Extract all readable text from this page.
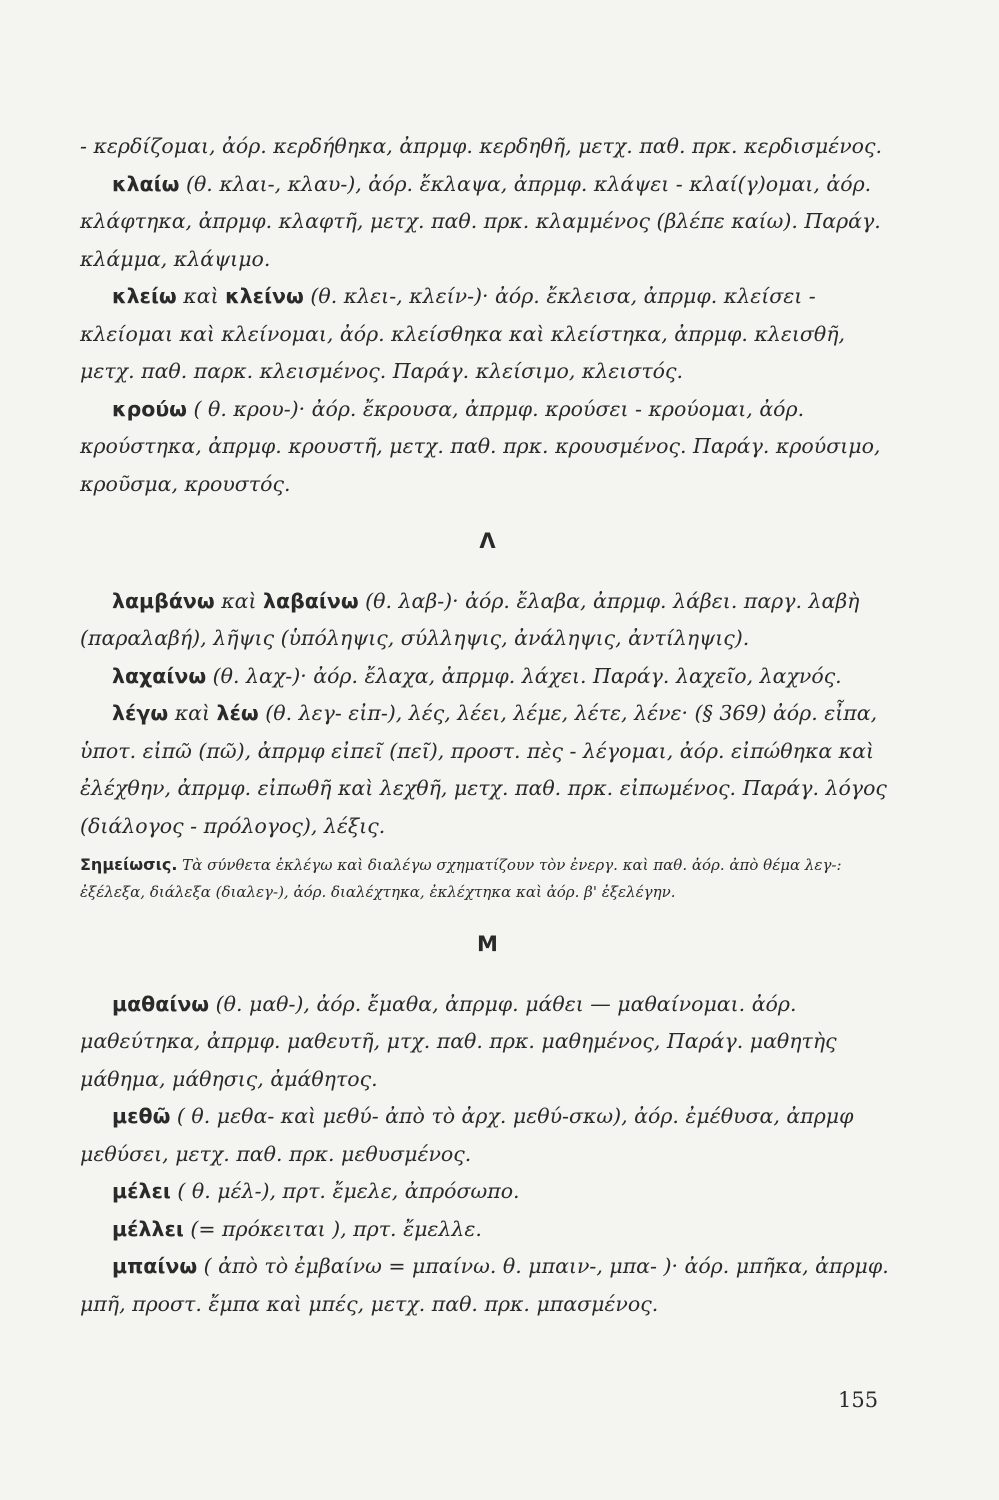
- κερδίζομαι, ἀόρ. κερδήθηκα, ἀπρμφ. κερδηθῆ, μετχ. παθ. πρκ. κερδισμένος.

κλαίω (θ. κλαι-, κλαυ-), ἀόρ. ἔκλαψα, ἀπρμφ. κλάψει - κλαί(γ)ομαι, ἀόρ. κλάφτηκα, ἀπρμφ. κλαφτῆ, μετχ. παθ. πρκ. κλαμμένος (βλέπε καίω). Παράγ. κλάμμα, κλάψιμο.

κλείω καὶ κλείνω (θ. κλει-, κλείν-)· ἀόρ. ἔκλεισα, ἀπρμφ. κλείσει - κλείομαι καὶ κλείνομαι, ἀόρ. κλείσθηκα καὶ κλείστηκα, ἀπρμφ. κλεισθῆ, μετχ. παθ. παρκ. κλεισμένος. Παράγ. κλείσιμο, κλειστός.

κρούω ( θ. κρου-)· ἀόρ. ἔκρουσα, ἀπρμφ. κρούσει - κρούομαι, ἀόρ. κρούστηκα, ἀπρμφ. κρουστῆ, μετχ. παθ. πρκ. κρουσμένος. Παράγ. κρούσιμο, κροῦσμα, κρουστός.

Λ

λαμβάνω καὶ λαβαίνω (θ. λαβ-)· ἀόρ. ἔλαβα, ἀπρμφ. λάβει. παργ. λαβὴ (παραλαβή), λῆψις (ὑπόληψις, σύλληψις, ἀνάληψις, ἀντίληψις).

λαχαίνω (θ. λαχ-)· ἀόρ. ἔλαχα, ἀπρμφ. λάχει. Παράγ. λαχεῖο, λαχνός.

λέγω καὶ λέω (θ. λεγ- εἰπ-), λές, λέει, λέμε, λέτε, λένε· (§ 369) ἀόρ. εἶπα, ὑποτ. εἰπῶ (πῶ), ἀπρμφ εἰπεῖ (πεῖ), προστ. πὲς - λέγομαι, ἀόρ. εἰπώθηκα καὶ ἐλέχθην, ἀπρμφ. εἰπωθῆ καὶ λεχθῆ, μετχ. παθ. πρκ. εἰπωμένος. Παράγ. λόγος (διάλογος - πρόλογος), λέξις.

Σημείωσις. Τὰ σύνθετα ἐκλέγω καὶ διαλέγω σχηματίζουν τὸν ἐνεργ. καὶ παθ. ἀόρ. ἀπὸ θέμα λεγ-: ἐξέλεξα, διάλεξα (διαλεγ-), ἀόρ. διαλέχτηκα, ἐκλέχτηκα καὶ ἀόρ. β' ἐξελέγην.

Μ

μαθαίνω (θ. μαθ-), ἀόρ. ἔμαθα, ἀπρμφ. μάθει — μαθαίνομαι. ἀόρ. μαθεύτηκα, ἀπρμφ. μαθευτῆ, μτχ. παθ. πρκ. μαθημένος, Παράγ. μαθητὴς μάθημα, μάθησις, ἀμάθητος.

μεθῶ ( θ. μεθα- καὶ μεθύ- ἀπὸ τὸ ἀρχ. μεθύ-σκω), ἀόρ. ἐμέθυσα, ἀπρμφ μεθύσει, μετχ. παθ. πρκ. μεθυσμένος.

μέλει ( θ. μέλ-), πρτ. ἔμελε, ἀπρόσωπο.

μέλλει (= πρόκειται ), πρτ. ἔμελλε.

μπαίνω ( ἀπὸ τὸ ἐμβαίνω = μπαίνω. θ. μπαιν-, μπα- )· ἀόρ. μπῆκα, ἀπρμφ. μπῆ, προστ. ἔμπα καὶ μπές, μετχ. παθ. πρκ. μπασμένος.

155
